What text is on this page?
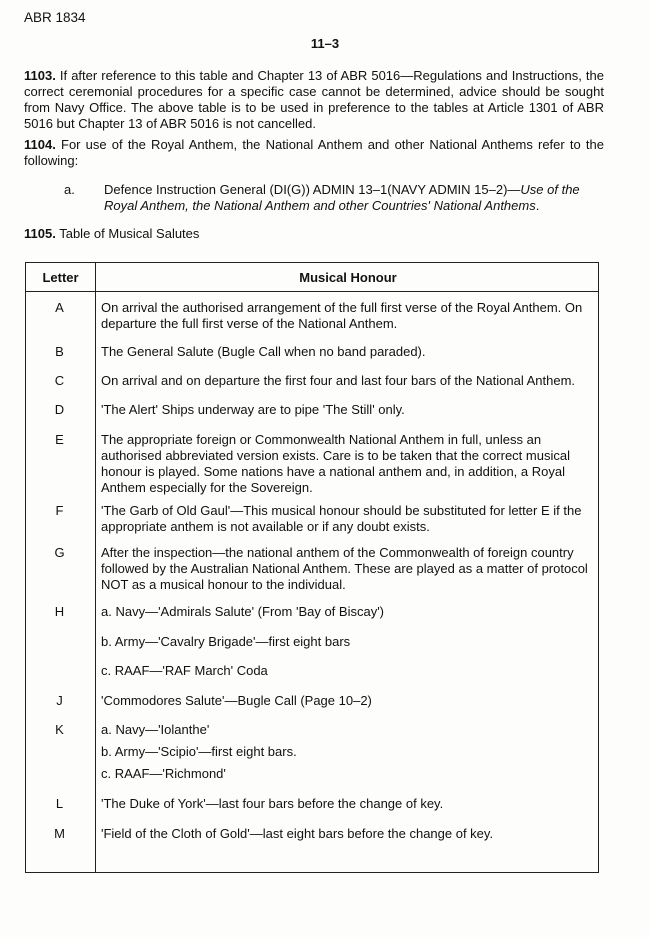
ABR 1834
11–3
1103. If after reference to this table and Chapter 13 of ABR 5016—Regulations and Instructions, the correct ceremonial procedures for a specific case cannot be determined, advice should be sought from Navy Office. The above table is to be used in preference to the tables at Article 1301 of ABR 5016 but Chapter 13 of ABR 5016 is not cancelled.
1104. For use of the Royal Anthem, the National Anthem and other National Anthems refer to the following:
a.	Defence Instruction General (DI(G)) ADMIN 13–1(NAVY ADMIN 15–2)—Use of the Royal Anthem, the National Anthem and other Countries' National Anthems.
1105. Table of Musical Salutes
Letter	Musical Honour
A	On arrival the authorised arrangement of the full first verse of the Royal Anthem. On departure the full first verse of the National Anthem.
B	The General Salute (Bugle Call when no band paraded).
C	On arrival and on departure the first four and last four bars of the National Anthem.
D	'The Alert' Ships underway are to pipe 'The Still' only.
E	The appropriate foreign or Commonwealth National Anthem in full, unless an authorised abbreviated version exists. Care is to be taken that the correct musical honour is played. Some nations have a national anthem and, in addition, a Royal Anthem especially for the Sovereign.
F	'The Garb of Old Gaul'—This musical honour should be substituted for letter E if the appropriate anthem is not available or if any doubt exists.
G	After the inspection—the national anthem of the Commonwealth of foreign country followed by the Australian National Anthem. These are played as a matter of protocol NOT as a musical honour to the individual.
H	a. Navy—'Admirals Salute' (From 'Bay of Biscay')
b. Army—'Cavalry Brigade'—first eight bars
c. RAAF—'RAF March' Coda
J	'Commodores Salute'—Bugle Call (Page 10–2)
K	a. Navy—'Iolanthe'
b. Army—'Scipio'—first eight bars.
c. RAAF—'Richmond'
L	'The Duke of York'—last four bars before the change of key.
M	'Field of the Cloth of Gold'—last eight bars before the change of key.
